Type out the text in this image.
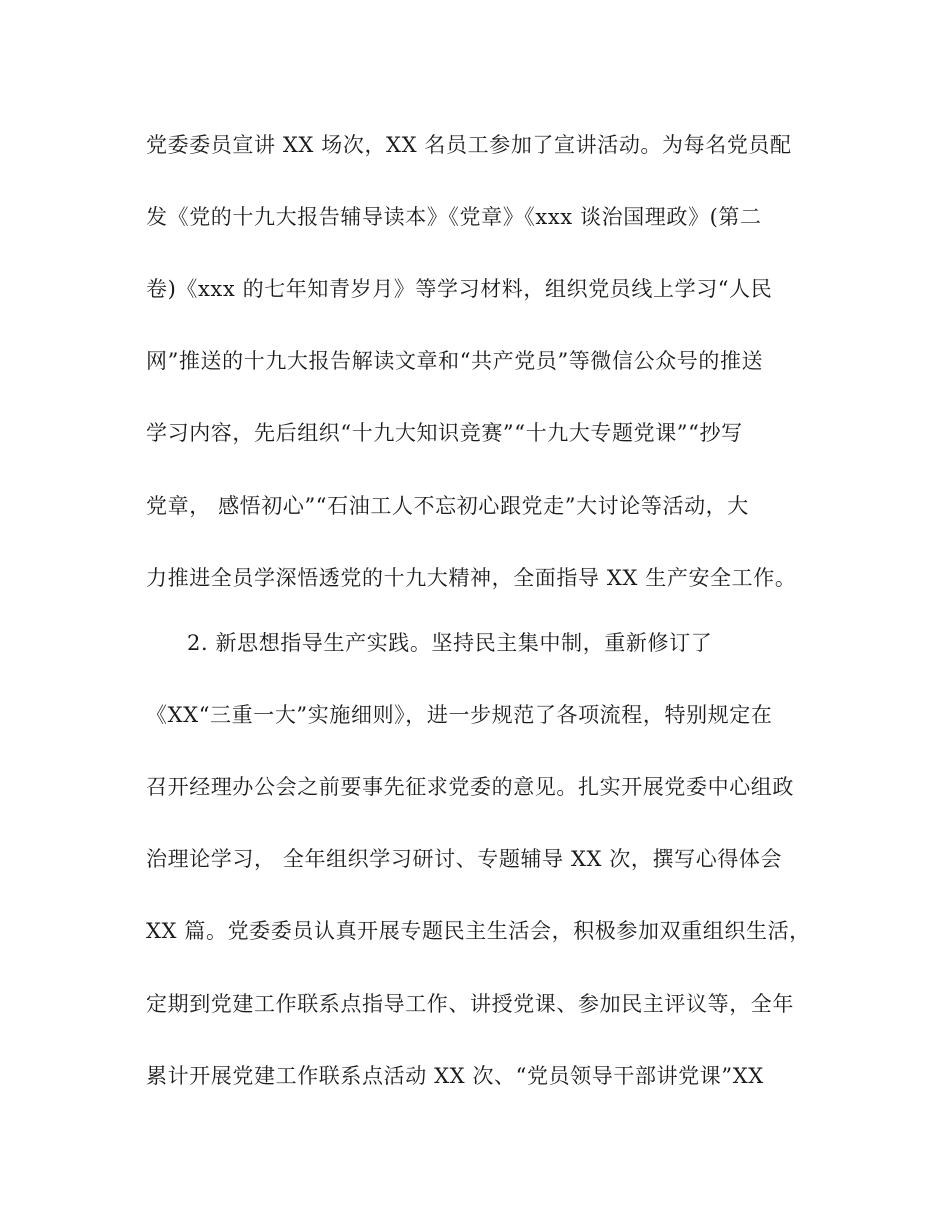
党委委员宣讲 XX 场次，XX 名员工参加了宣讲活动。为每名党员配
发《党的十九大报告辅导读本》《党章》《xxx 谈治国理政》(第二
卷)《xxx 的七年知青岁月》等学习材料，组织党员线上学习“人民
网”推送的十九大报告解读文章和“共产党员”等微信公众号的推送
学习内容，先后组织“十九大知识竞赛”“十九大专题党课”“抄写
党章， 感悟初心”“石油工人不忘初心跟党走”大讨论等活动，大
力推进全员学深悟透党的十九大精神，全面指导 XX 生产安全工作。
2. 新思想指导生产实践。坚持民主集中制，重新修订了
《XX“三重一大”实施细则》，进一步规范了各项流程，特别规定在
召开经理办公会之前要事先征求党委的意见。扎实开展党委中心组政
治理论学习， 全年组织学习研讨、专题辅导 XX 次，撰写心得体会
XX 篇。党委委员认真开展专题民主生活会，积极参加双重组织生活，
定期到党建工作联系点指导工作、讲授党课、参加民主评议等，全年
累计开展党建工作联系点活动 XX 次、“党员领导干部讲党课”XX
